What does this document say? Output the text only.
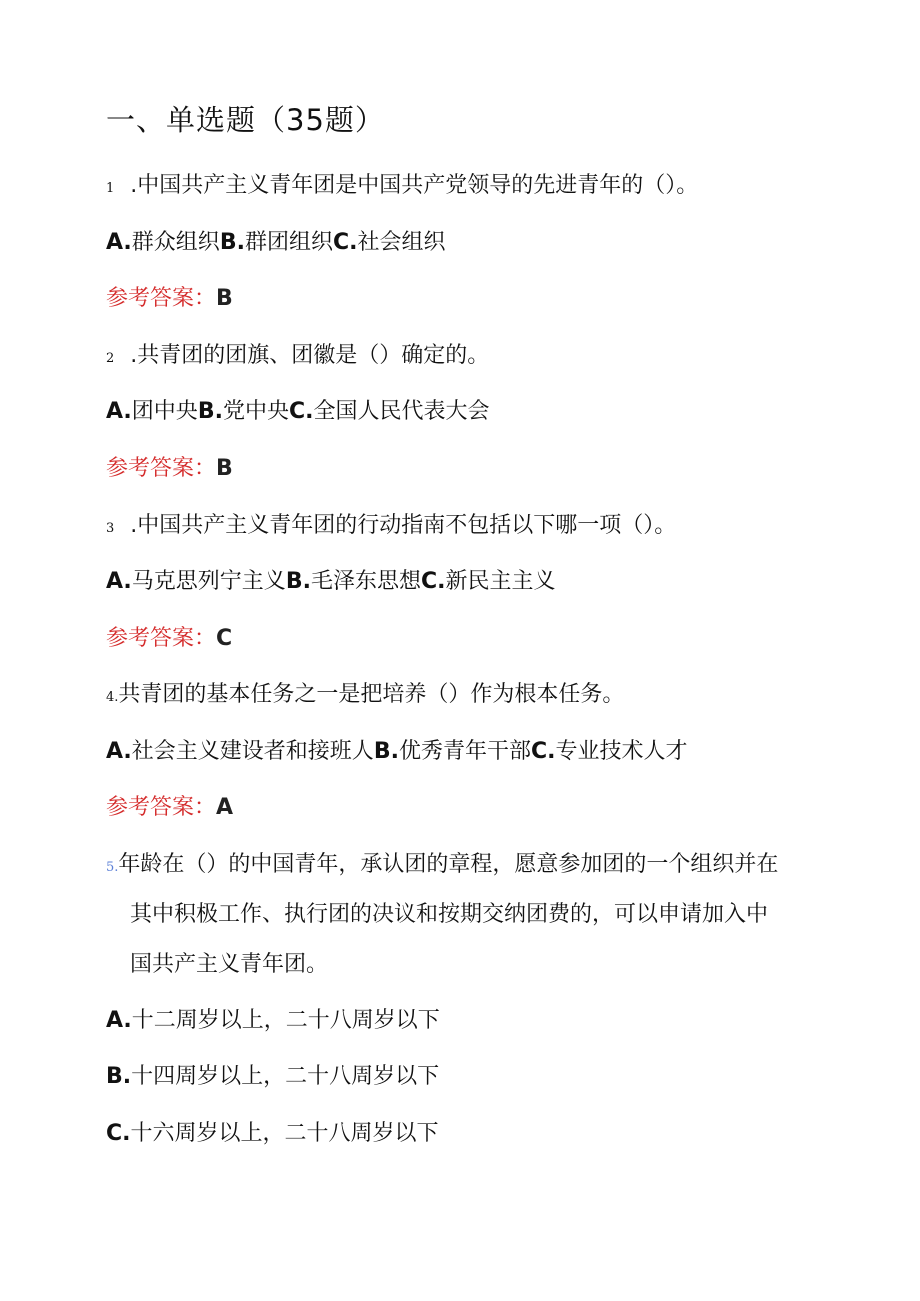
一、单选题（35题）
1 .中国共产主义青年团是中国共产党领导的先进青年的（）。
A.群众组织B.群团组织C.社会组织
参考答案：B
2 .共青团的团旗、团徽是（）确定的。
A.团中央B.党中央C.全国人民代表大会
参考答案：B
3 .中国共产主义青年团的行动指南不包括以下哪一项（）。
A.马克思列宁主义B.毛泽东思想C.新民主主义
参考答案：C
4.共青团的基本任务之一是把培养（）作为根本任务。
A.社会主义建设者和接班人B.优秀青年干部C.专业技术人才
参考答案：A
5.年龄在（）的中国青年，承认团的章程，愿意参加团的一个组织并在
其中积极工作、执行团的决议和按期交纳团费的，可以申请加入中
国共产主义青年团。
A.十二周岁以上，二十八周岁以下
B.十四周岁以上，二十八周岁以下
C.十六周岁以上，二十八周岁以下
